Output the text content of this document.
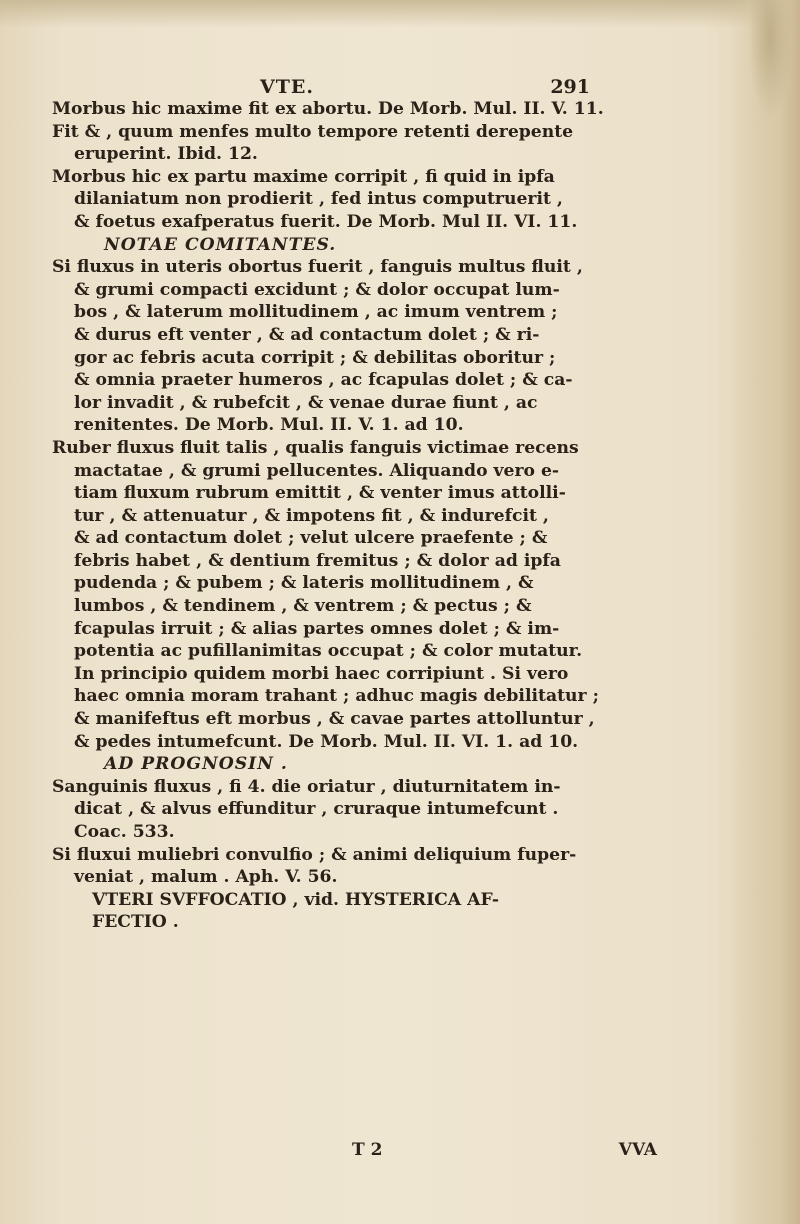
VTE.	291
Morbus hic maxime fit ex abortu. De Morb. Mul. II. V. 11.
Fit & , quum menfes multo tempore retenti derepente
eruperint. Ibid. 12.
Morbus hic ex partu maxime corripit , fi quid in ipfa
dilaniatum non prodierit , fed intus computruerit ,
& foetus exafperatus fuerit. De Morb. Mul II. VI. 11.
NOTAE COMITANTES.
Si fluxus in uteris obortus fuerit , fanguis multus fluit ,
& grumi compacti excidunt ; & dolor occupat lum-
bos , & laterum mollitudinem , ac imum ventrem ;
& durus eft venter , & ad contactum dolet ; & ri-
gor ac febris acuta corripit ; & debilitas oboritur ;
& omnia praeter humeros , ac fcapulas dolet ; & ca-
lor invadit , & rubefcit , & venae durae fiunt , ac
renitentes. De Morb. Mul. II. V. 1. ad 10.
Ruber fluxus fluit talis , qualis fanguis victimae recens
mactatae , & grumi pellucentes. Aliquando vero e-
tiam fluxum rubrum emittit , & venter imus attolli-
tur , & attenuatur , & impotens fit , & indurefcit ,
& ad contactum dolet ; velut ulcere praefente ; &
febris habet , & dentium fremitus ; & dolor ad ipfa
pudenda ; & pubem ; & lateris mollitudinem , &
lumbos , & tendinem , & ventrem ; & pectus ; &
fcapulas irruit ; & alias partes omnes dolet ; & im-
potentia ac pufillanimitas occupat ; & color mutatur.
In principio quidem morbi haec corripiunt . Si vero
haec omnia moram trahant ; adhuc magis debilitatur ;
& manifeftus eft morbus , & cavae partes attolluntur ,
& pedes intumefcunt. De Morb. Mul. II. VI. 1. ad 10.
AD PROGNOSIN .
Sanguinis fluxus , fi 4. die oriatur , diuturnitatem in-
dicat , & alvus effunditur , cruraque intumefcunt .
Coac. 533.
Si fluxui muliebri convulfio ; & animi deliquium fuper-
veniat , malum . Aph. V. 56.
VTERI SVFFOCATIO , vid. HYSTERICA AF-
FECTIO .
T 2	VVA
